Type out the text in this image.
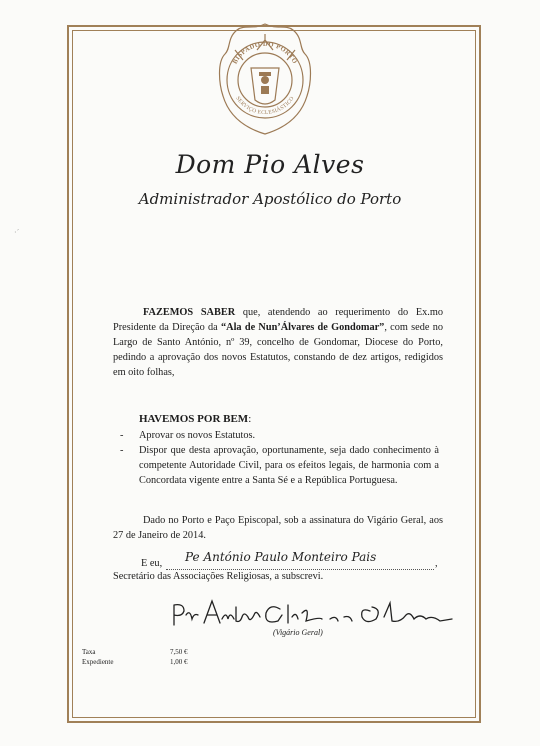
·ˊ
BISPADO DO PORTO
SERVIÇO ECLESIÁSTICO
Dom Pio Alves
Administrador Apostólico do Porto
FAZEMOS SABER que, atendendo ao requerimento do Ex.mo Presidente da Direção da “Ala de Nun’Álvares de Gondomar”, com sede no Largo de Santo António, nº 39, concelho de Gondomar, Diocese do Porto, pedindo a aprovação dos novos Estatutos, constando de dez artigos, redigidos em oito folhas,
HAVEMOS POR BEM:
- Aprovar os novos Estatutos.
- Dispor que desta aprovação, oportunamente, seja dado conhecimento à competente Autoridade Civil, para os efeitos legais, de harmonia com a Concordata vigente entre a Santa Sé e a República Portuguesa.
Dado no Porto e Paço Episcopal, sob a assinatura do Vigário Geral, aos 27 de Janeiro de 2014.
E eu, Pe António Paulo Monteiro Pais	,
Secretário das Associações Religiosas, a subscrevi.
(Vigário Geral)
Taxa	7,50 €
Expediente	1,00 €
